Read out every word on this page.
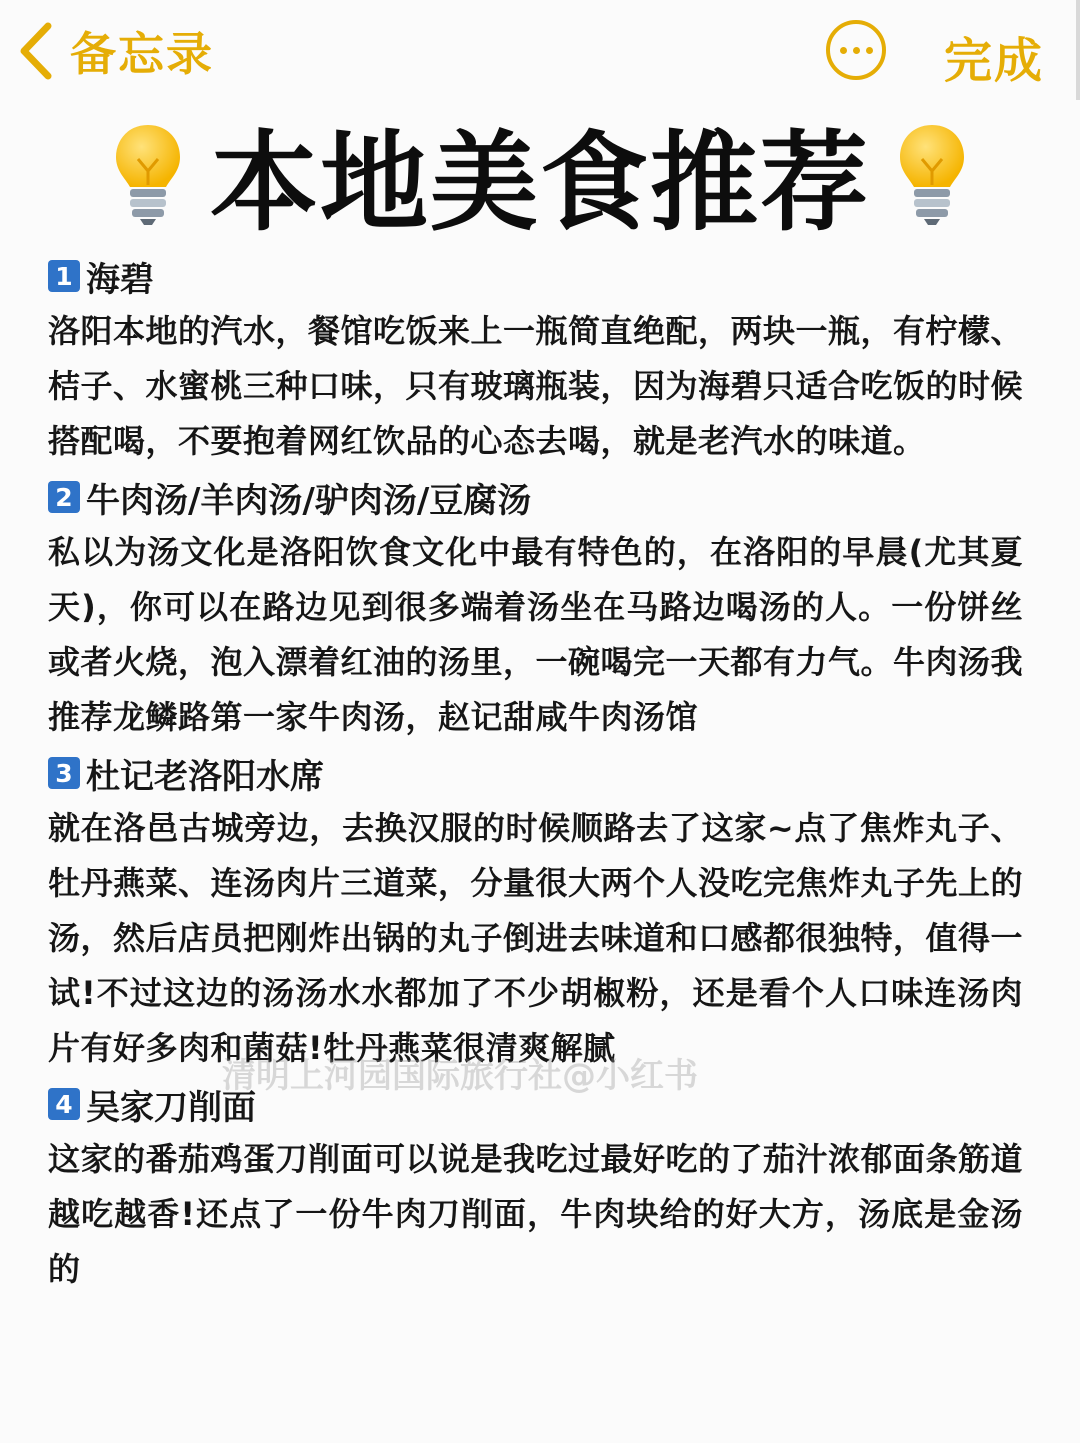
备忘录	完成
本地美食推荐
1 海碧

洛阳本地的汽水，餐馆吃饭来上一瓶简直绝配，两块一瓶，有柠檬、桔子、水蜜桃三种口味，只有玻璃瓶装，因为海碧只适合吃饭的时候搭配喝，不要抱着网红饮品的心态去喝，就是老汽水的味道。

2 牛肉汤/羊肉汤/驴肉汤/豆腐汤

私以为汤文化是洛阳饮食文化中最有特色的，在洛阳的早晨(尤其夏天)，你可以在路边见到很多端着汤坐在马路边喝汤的人。一份饼丝或者火烧，泡入漂着红油的汤里，一碗喝完一天都有力气。牛肉汤我推荐龙鳞路第一家牛肉汤，赵记甜咸牛肉汤馆

3 杜记老洛阳水席

就在洛邑古城旁边，去换汉服的时候顺路去了这家~点了焦炸丸子、牡丹燕菜、连汤肉片三道菜，分量很大两个人没吃完焦炸丸子先上的汤，然后店员把刚炸出锅的丸子倒进去味道和口感都很独特，值得一试!不过这边的汤汤水水都加了不少胡椒粉，还是看个人口味连汤肉片有好多肉和菌菇!牡丹燕菜很清爽解腻

4 吴家刀削面

这家的番茄鸡蛋刀削面可以说是我吃过最好吃的了茄汁浓郁面条筋道越吃越香!还点了一份牛肉刀削面，牛肉块给的好大方，汤底是金汤的

清明上河园国际旅行社@小红书
